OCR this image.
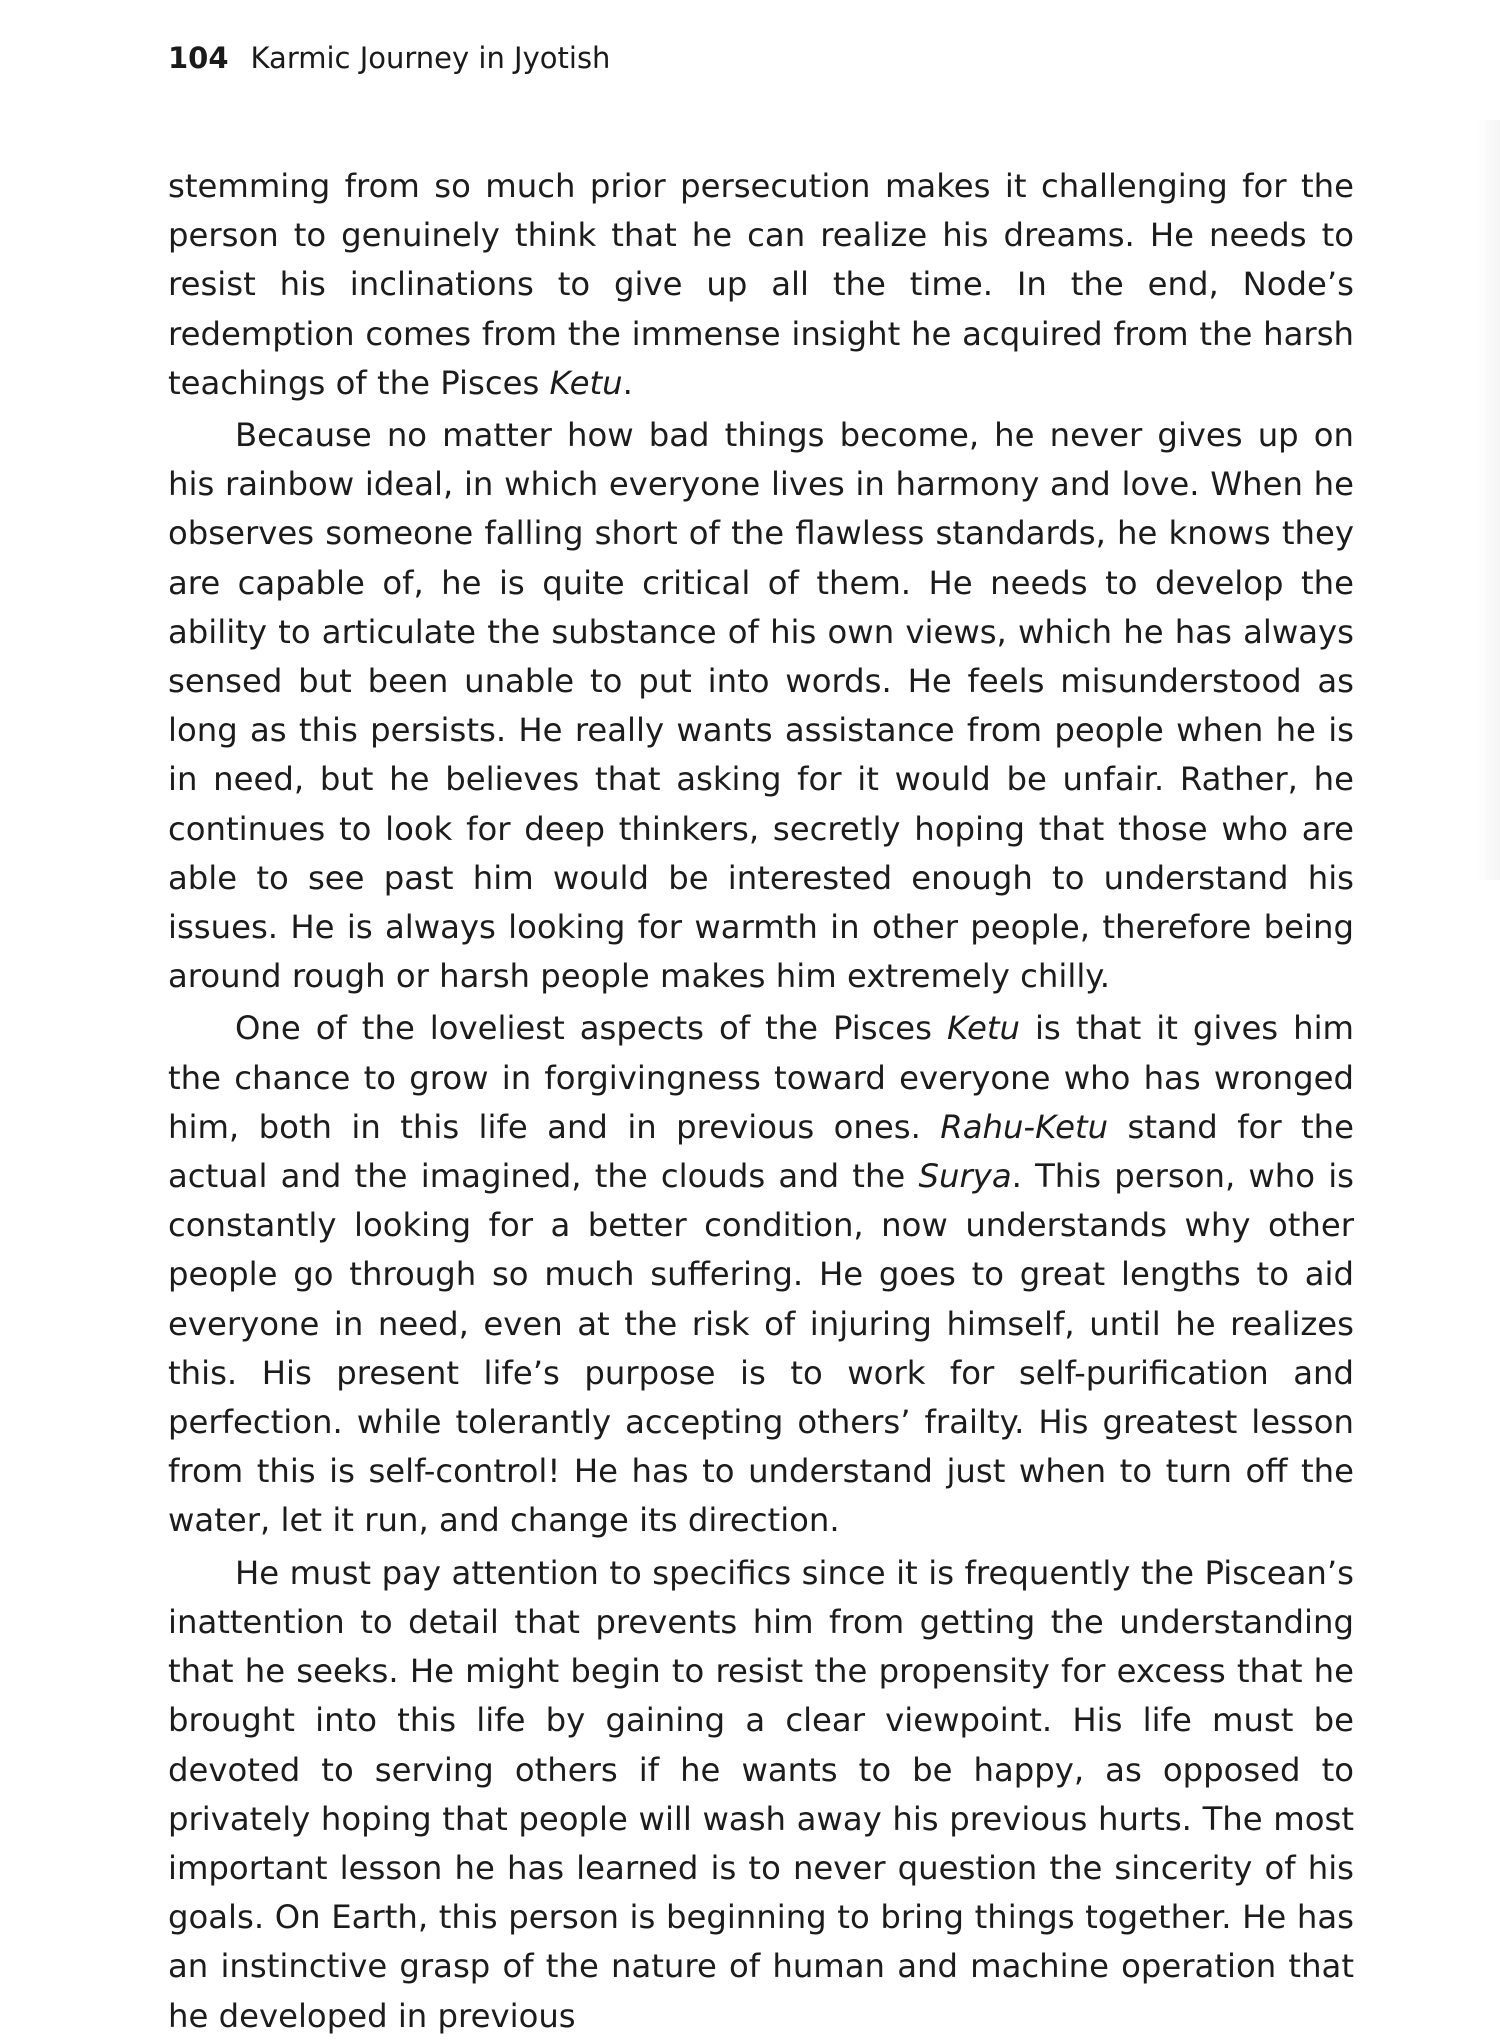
104 Karmic Journey in Jyotish

stemming from so much prior persecution makes it challenging for the person to genuinely think that he can realize his dreams. He needs to resist his inclinations to give up all the time. In the end, Node’s redemption comes from the immense insight he acquired from the harsh teachings of the Pisces Ketu.

Because no matter how bad things become, he never gives up on his rainbow ideal, in which everyone lives in harmony and love. When he observes someone falling short of the flawless standards, he knows they are capable of, he is quite critical of them. He needs to develop the ability to articulate the substance of his own views, which he has always sensed but been unable to put into words. He feels misunderstood as long as this persists. He really wants assistance from people when he is in need, but he believes that asking for it would be unfair. Rather, he continues to look for deep thinkers, secretly hoping that those who are able to see past him would be interested enough to understand his issues. He is always looking for warmth in other people, therefore being around rough or harsh people makes him extremely chilly.

One of the loveliest aspects of the Pisces Ketu is that it gives him the chance to grow in forgivingness toward everyone who has wronged him, both in this life and in previous ones. Rahu-Ketu stand for the actual and the imagined, the clouds and the Surya. This person, who is constantly looking for a better condition, now understands why other people go through so much suffering. He goes to great lengths to aid everyone in need, even at the risk of injuring himself, until he realizes this. His present life’s purpose is to work for self-purification and perfection. while tolerantly accepting others’ frailty. His greatest lesson from this is self-control! He has to understand just when to turn off the water, let it run, and change its direction.

He must pay attention to specifics since it is frequently the Piscean’s inattention to detail that prevents him from getting the understanding that he seeks. He might begin to resist the propensity for excess that he brought into this life by gaining a clear viewpoint. His life must be devoted to serving others if he wants to be happy, as opposed to privately hoping that people will wash away his previous hurts. The most important lesson he has learned is to never question the sincerity of his goals. On Earth, this person is beginning to bring things together. He has an instinctive grasp of the nature of human and machine operation that he developed in previous
